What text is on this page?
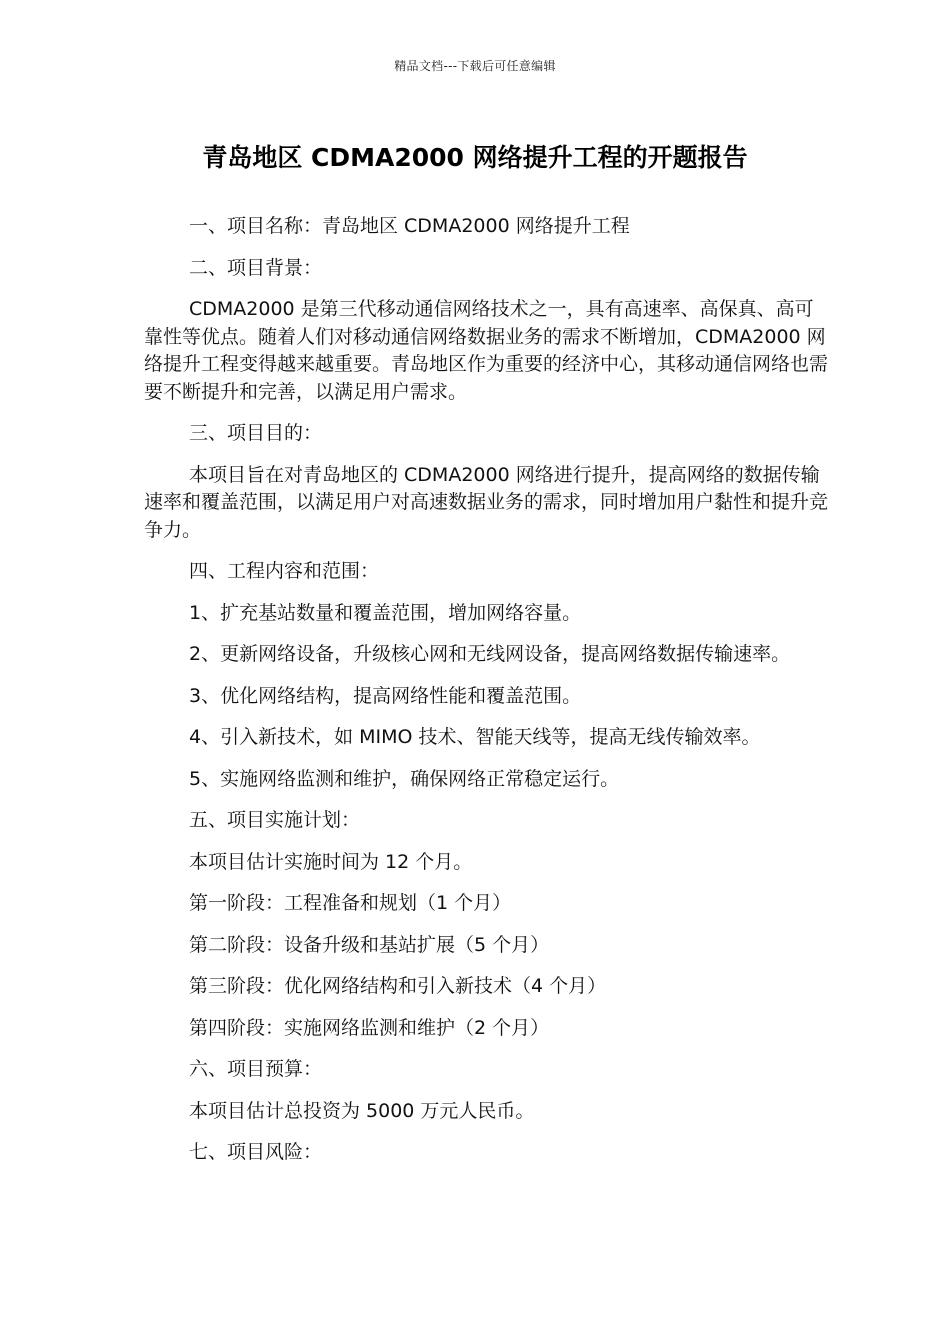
精品文档---下载后可任意编辑
青岛地区 CDMA2000 网络提升工程的开题报告

一、项目名称：青岛地区 CDMA2000 网络提升工程

二、项目背景：

CDMA2000 是第三代移动通信网络技术之一，具有高速率、高保真、高可靠性等优点。随着人们对移动通信网络数据业务的需求不断增加，CDMA2000 网络提升工程变得越来越重要。青岛地区作为重要的经济中心，其移动通信网络也需要不断提升和完善，以满足用户需求。

三、项目目的：

本项目旨在对青岛地区的 CDMA2000 网络进行提升，提高网络的数据传输速率和覆盖范围，以满足用户对高速数据业务的需求，同时增加用户黏性和提升竞争力。

四、工程内容和范围：

1、扩充基站数量和覆盖范围，增加网络容量。

2、更新网络设备，升级核心网和无线网设备，提高网络数据传输速率。

3、优化网络结构，提高网络性能和覆盖范围。

4、引入新技术，如 MIMO 技术、智能天线等，提高无线传输效率。

5、实施网络监测和维护，确保网络正常稳定运行。

五、项目实施计划：

本项目估计实施时间为 12 个月。

第一阶段：工程准备和规划（1 个月）

第二阶段：设备升级和基站扩展（5 个月）

第三阶段：优化网络结构和引入新技术（4 个月）

第四阶段：实施网络监测和维护（2 个月）

六、项目预算：

本项目估计总投资为 5000 万元人民币。

七、项目风险：
